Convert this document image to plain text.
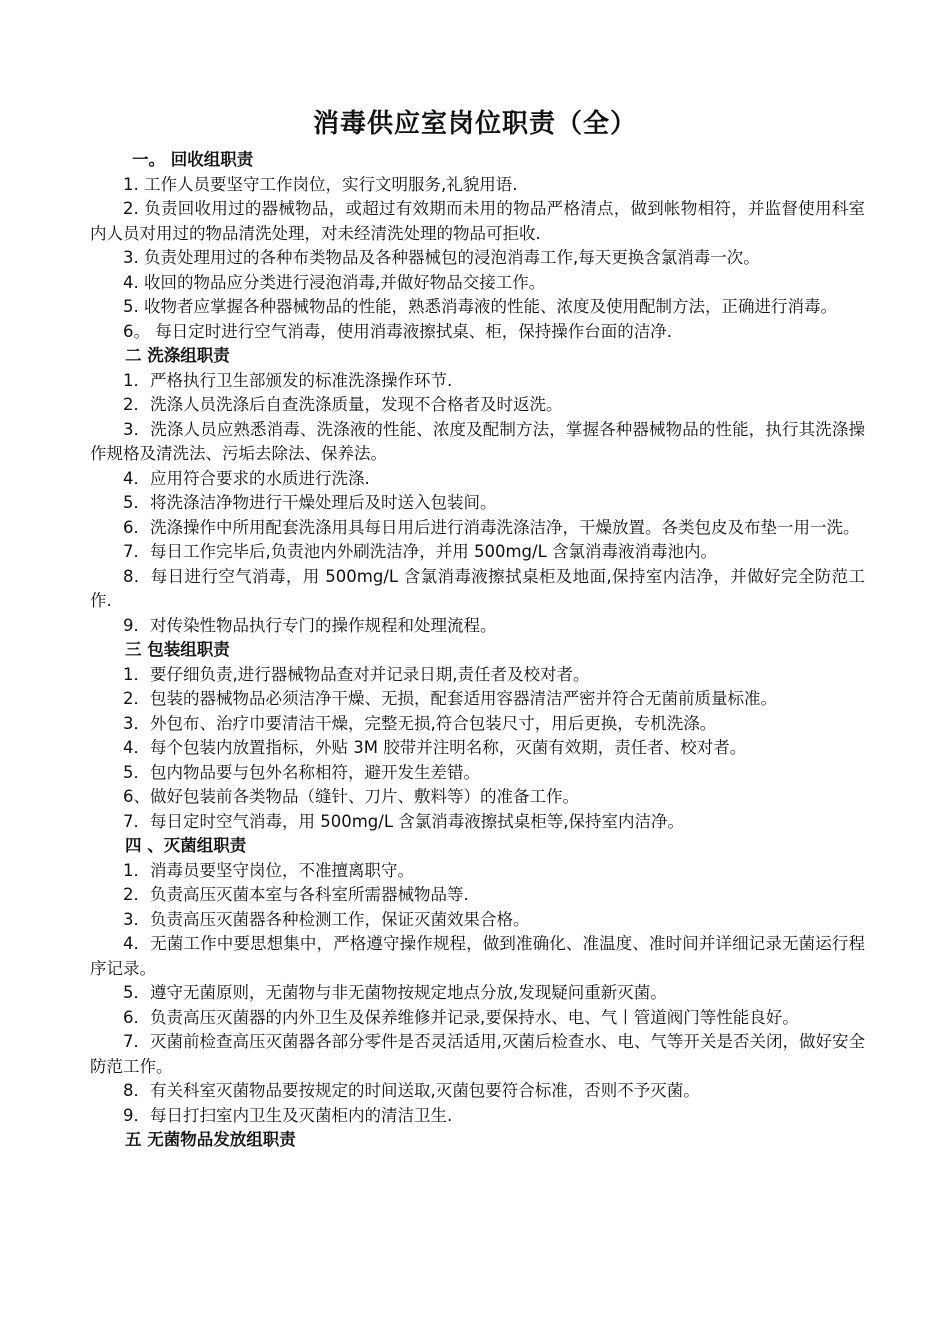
消毒供应室岗位职责（全）

一。 回收组职责

1. 工作人员要坚守工作岗位，实行文明服务,礼貌用语.

2. 负责回收用过的器械物品，或超过有效期而未用的物品严格清点，做到帐物相符，并监督使用科室内人员对用过的物品清洗处理，对未经清洗处理的物品可拒收.

3. 负责处理用过的各种布类物品及各种器械包的浸泡消毒工作,每天更换含氯消毒一次。

4. 收回的物品应分类进行浸泡消毒,并做好物品交接工作。

5. 收物者应掌握各种器械物品的性能，熟悉消毒液的性能、浓度及使用配制方法，正确进行消毒。

6。 每日定时进行空气消毒，使用消毒液擦拭桌、柜，保持操作台面的洁净.

二 洗涤组职责

1．严格执行卫生部颁发的标准洗涤操作环节.

2．洗涤人员洗涤后自查洗涤质量，发现不合格者及时返洗。

3．洗涤人员应熟悉消毒、洗涤液的性能、浓度及配制方法，掌握各种器械物品的性能，执行其洗涤操作规格及清洗法、污垢去除法、保养法。

4．应用符合要求的水质进行洗涤.

5．将洗涤洁净物进行干燥处理后及时送入包装间。

6．洗涤操作中所用配套洗涤用具每日用后进行消毒洗涤洁净，干燥放置。各类包皮及布垫一用一洗。

7．每日工作完毕后,负责池内外刷洗洁净，并用 500mg/L 含氯消毒液消毒池内。

8．每日进行空气消毒，用 500mg/L 含氯消毒液擦拭桌柜及地面,保持室内洁净，并做好完全防范工作.

9．对传染性物品执行专门的操作规程和处理流程。

三 包装组职责

1．要仔细负责,进行器械物品查对并记录日期,责任者及校对者。

2．包装的器械物品必须洁净干燥、无损，配套适用容器清洁严密并符合无菌前质量标准。

3．外包布、治疗巾要清洁干燥，完整无损,符合包装尺寸，用后更换，专机洗涤。

4．每个包装内放置指标，外贴 3M 胶带并注明名称，灭菌有效期，责任者、校对者。

5．包内物品要与包外名称相符，避开发生差错。

6、做好包装前各类物品（缝针、刀片、敷料等）的准备工作。

7．每日定时空气消毒，用 500mg/L 含氯消毒液擦拭桌柜等,保持室内洁净。

四 、灭菌组职责

1．消毒员要坚守岗位，不准擅离职守。

2．负责高压灭菌本室与各科室所需器械物品等.

3．负责高压灭菌器各种检测工作，保证灭菌效果合格。

4．无菌工作中要思想集中，严格遵守操作规程，做到准确化、准温度、准时间并详细记录无菌运行程序记录。

5．遵守无菌原则，无菌物与非无菌物按规定地点分放,发现疑问重新灭菌。

6．负责高压灭菌器的内外卫生及保养维修并记录,要保持水、电、气丨管道阀门等性能良好。

7．灭菌前检查高压灭菌器各部分零件是否灵活适用,灭菌后检查水、电、气等开关是否关闭，做好安全防范工作。

8．有关科室灭菌物品要按规定的时间送取,灭菌包要符合标准，否则不予灭菌。

9．每日打扫室内卫生及灭菌柜内的清洁卫生.

五 无菌物品发放组职责
